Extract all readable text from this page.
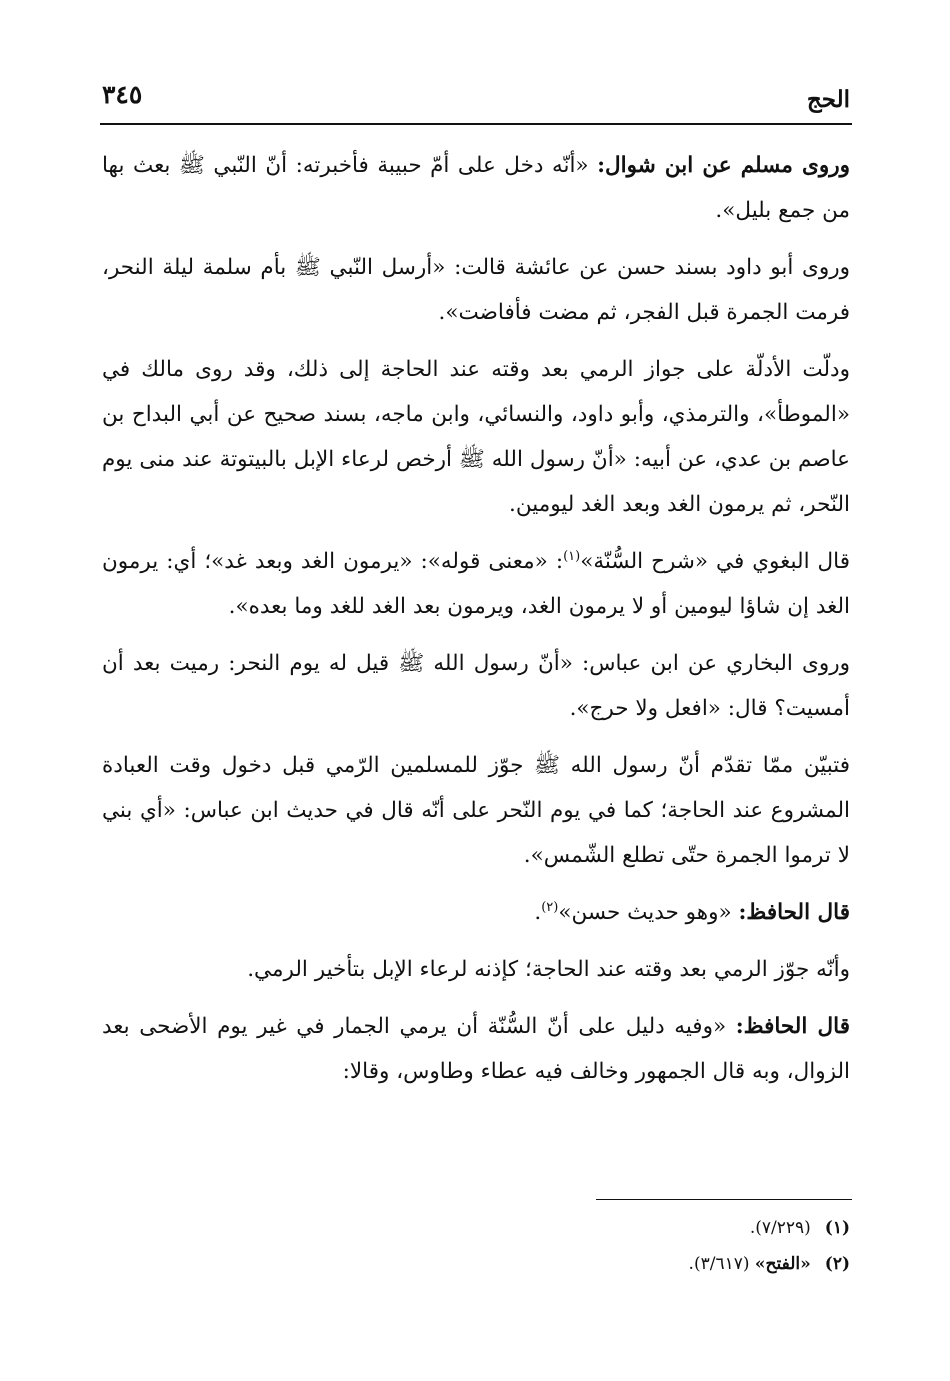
الحج
٣٤٥

وروى مسلم عن ابن شوال: «أنّه دخل على أمّ حبيبة فأخبرته: أنّ النّبي ﷺ بعث بها من جمع بليل».

وروى أبو داود بسند حسن عن عائشة قالت: «أرسل النّبي ﷺ بأم سلمة ليلة النحر، فرمت الجمرة قبل الفجر، ثم مضت فأفاضت».

ودلّت الأدلّة على جواز الرمي بعد وقته عند الحاجة إلى ذلك، وقد روى مالك في «الموطأ»، والترمذي، وأبو داود، والنسائي، وابن ماجه، بسند صحيح عن أبي البداح بن عاصم بن عدي، عن أبيه: «أنّ رسول الله ﷺ أرخص لرعاء الإبل بالبيتوتة عند منى يوم النّحر، ثم يرمون الغد وبعد الغد ليومين.

قال البغوي في «شرح السُّنّة»$^{(١)}$: «معنى قوله»: «يرمون الغد وبعد غد»؛ أي: يرمون الغد إن شاؤا ليومين أو لا يرمون الغد، ويرمون بعد الغد للغد وما بعده».

وروى البخاري عن ابن عباس: «أنّ رسول الله ﷺ قيل له يوم النحر: رميت بعد أن أمسيت؟ قال: «افعل ولا حرج».

فتبيّن ممّا تقدّم أنّ رسول الله ﷺ جوّز للمسلمين الرّمي قبل دخول وقت العبادة المشروع عند الحاجة؛ كما في يوم النّحر على أنّه قال في حديث ابن عباس: «أي بني لا ترموا الجمرة حتّى تطلع الشّمس».

قال الحافظ: «وهو حديث حسن»$^{(٢)}$.

وأنّه جوّز الرمي بعد وقته عند الحاجة؛ كإذنه لرعاء الإبل بتأخير الرمي.

قال الحافظ: «وفيه دليل على أنّ السُّنّة أن يرمي الجمار في غير يوم الأضحى بعد الزوال، وبه قال الجمهور وخالف فيه عطاء وطاوس، وقالا:

(١)(٧/٢٢٩).
(٢)«الفتح» (٣/٦١٧).
